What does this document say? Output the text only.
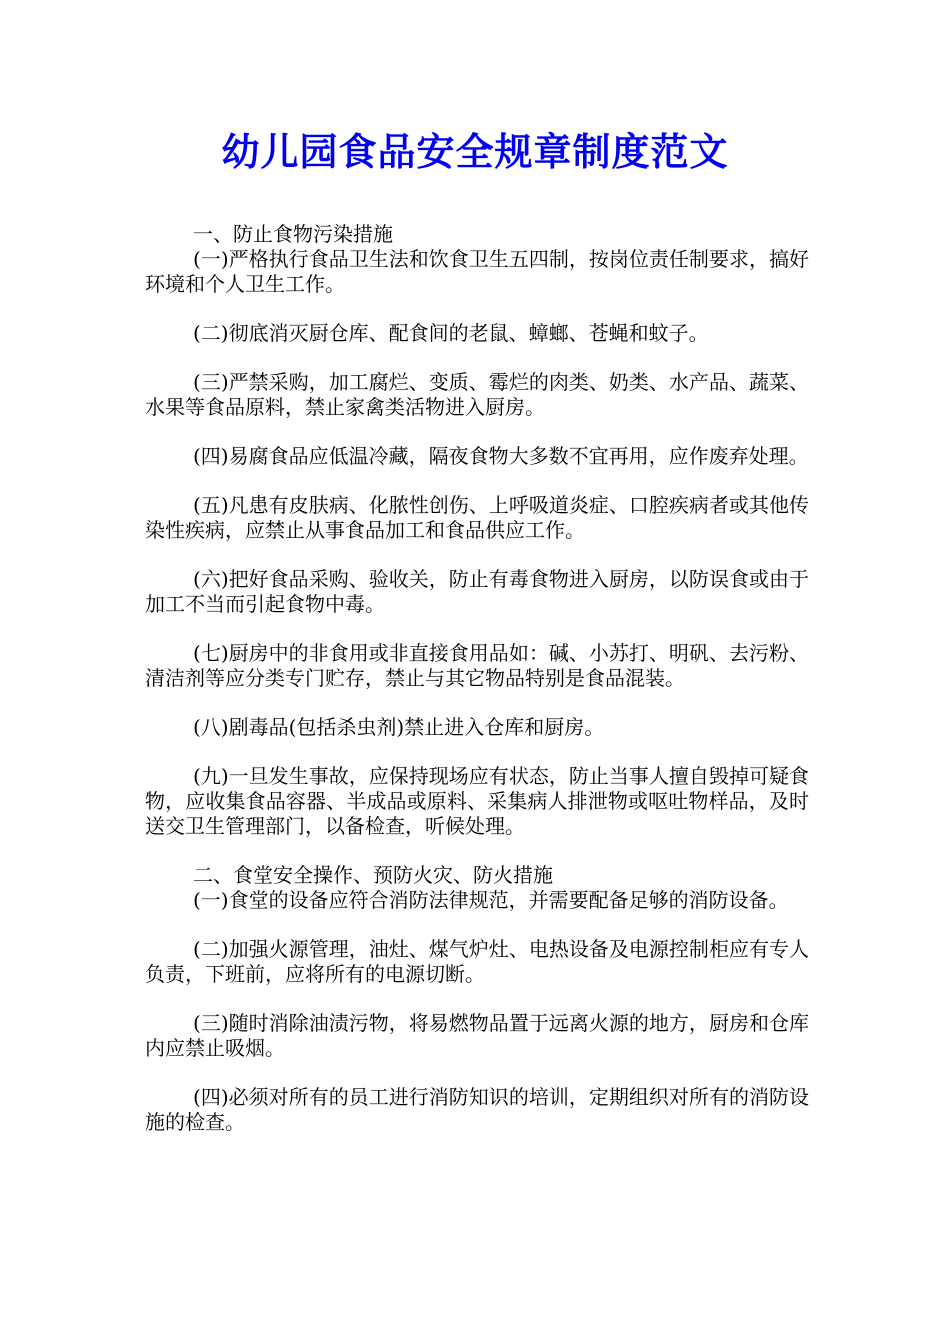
幼儿园食品安全规章制度范文

一、防止食物污染措施

(一)严格执行食品卫生法和饮食卫生五四制，按岗位责任制要求，搞好环境和个人卫生工作。

(二)彻底消灭厨仓库、配食间的老鼠、蟑螂、苍蝇和蚊子。

(三)严禁采购，加工腐烂、变质、霉烂的肉类、奶类、水产品、蔬菜、水果等食品原料，禁止家禽类活物进入厨房。

(四)易腐食品应低温冷藏，隔夜食物大多数不宜再用，应作废弃处理。

(五)凡患有皮肤病、化脓性创伤、上呼吸道炎症、口腔疾病者或其他传染性疾病，应禁止从事食品加工和食品供应工作。

(六)把好食品采购、验收关，防止有毒食物进入厨房，以防误食或由于加工不当而引起食物中毒。

(七)厨房中的非食用或非直接食用品如：碱、小苏打、明矾、去污粉、清洁剂等应分类专门贮存，禁止与其它物品特别是食品混装。

(八)剧毒品(包括杀虫剂)禁止进入仓库和厨房。

(九)一旦发生事故，应保持现场应有状态，防止当事人擅自毁掉可疑食物，应收集食品容器、半成品或原料、采集病人排泄物或呕吐物样品，及时送交卫生管理部门，以备检查，听候处理。

二、食堂安全操作、预防火灾、防火措施

(一)食堂的设备应符合消防法律规范，并需要配备足够的消防设备。

(二)加强火源管理，油灶、煤气炉灶、电热设备及电源控制柜应有专人负责，下班前，应将所有的电源切断。

(三)随时消除油渍污物，将易燃物品置于远离火源的地方，厨房和仓库内应禁止吸烟。

(四)必须对所有的员工进行消防知识的培训，定期组织对所有的消防设施的检查。
